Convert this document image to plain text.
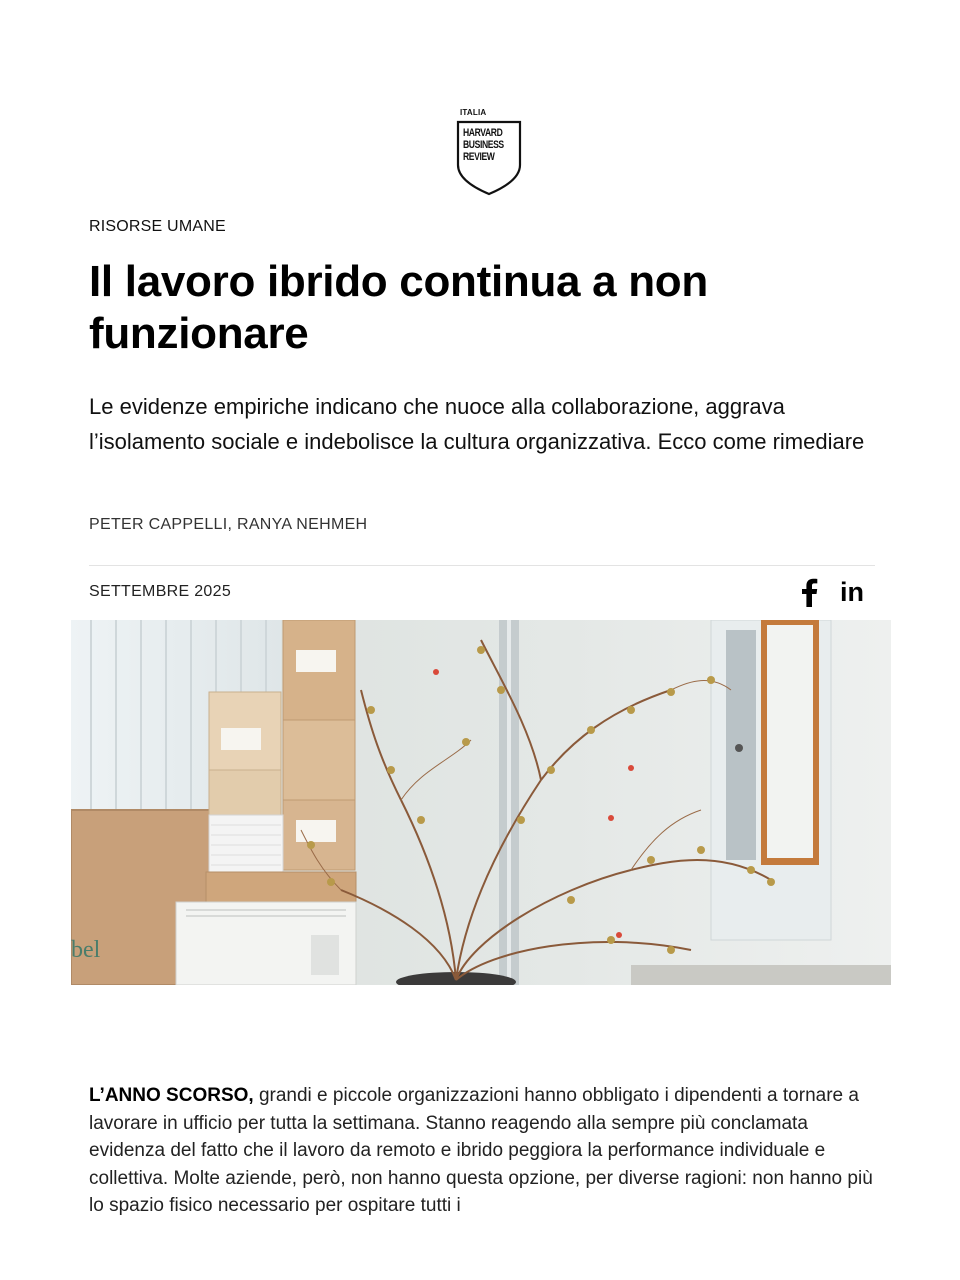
ITALIA
HARVARD
BUSINESS
REVIEW
RISORSE UMANE
Il lavoro ibrido continua a non funzionare

Le evidenze empiriche indicano che nuoce alla collaborazione, aggrava l’isolamento sociale e indebolisce la cultura organizzativa. Ecco come rimediare

PETER CAPPELLI, RANYA NEHMEH
SETTEMBRE 2025	in
bel

L’ANNO SCORSO, grandi e piccole organizzazioni hanno obbligato i dipendenti a tornare a lavorare in ufficio per tutta la settimana. Stanno reagendo alla sempre più conclamata evidenza del fatto che il lavoro da remoto e ibrido peggiora la performance individuale e collettiva. Molte aziende, però, non hanno questa opzione, per diverse ragioni: non hanno più lo spazio fisico necessario per ospitare tutti i
